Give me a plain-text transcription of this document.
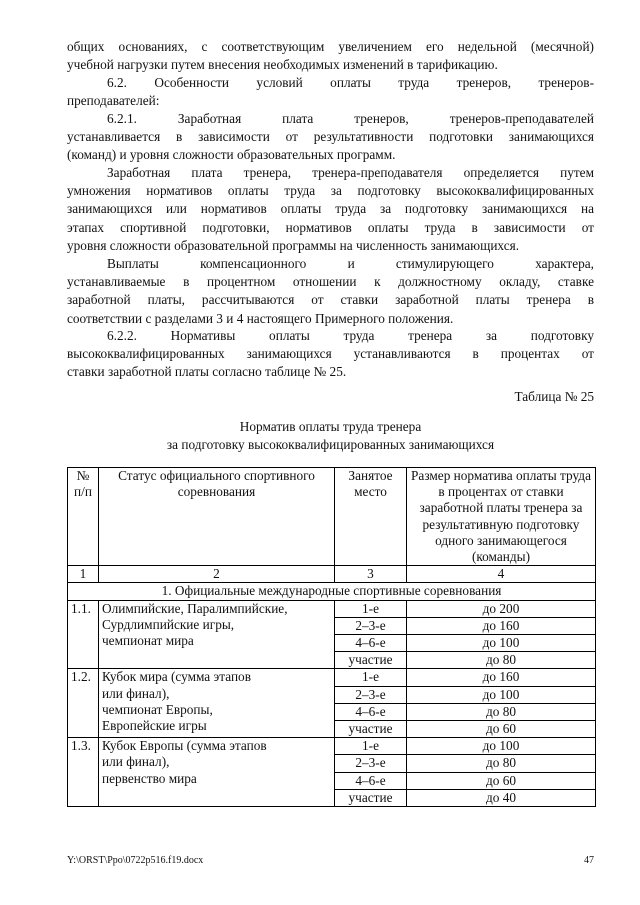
общих основаниях, с соответствующим увеличением его недельной (месячной)
учебной нагрузки путем внесения необходимых изменений в тарификацию.
6.2. Особенности условий оплаты труда тренеров, тренеров-
преподавателей:
6.2.1. Заработная плата тренеров, тренеров-преподавателей
устанавливается в зависимости от результативности подготовки занимающихся
(команд) и уровня сложности образовательных программ.
Заработная плата тренера, тренера-преподавателя определяется путем
умножения нормативов оплаты труда за подготовку высококвалифицированных
занимающихся или нормативов оплаты труда за подготовку занимающихся на
этапах спортивной подготовки, нормативов оплаты труда в зависимости от
уровня сложности образовательной программы на численность занимающихся.
Выплаты компенсационного и стимулирующего характера,
устанавливаемые в процентном отношении к должностному окладу, ставке
заработной платы, рассчитываются от ставки заработной платы тренера в
соответствии с разделами 3 и 4 настоящего Примерного положения.
6.2.2. Нормативы оплаты труда тренера за подготовку
высококвалифицированных занимающихся устанавливаются в процентах от
ставки заработной платы согласно таблице № 25.
Таблица № 25
Норматив оплаты труда тренера
за подготовку высококвалифицированных занимающихся
№ п/п	Статус официального спортивного соревнования	Занятое место	Размер норматива оплаты труда в процентах от ставки заработной платы тренера за результативную подготовку одного занимающегося (команды)
1	2	3	4
1. Официальные международные спортивные соревнования			
1.1.	Олимпийские, Паралимпийские,
Сурдлимпийские игры,
чемпионат мира	1-е	до 200
		2–3-е	до 160
		4–6-е	до 100
		участие	до 80
1.2.	Кубок мира (сумма этапов
или финал),
чемпионат Европы,
Европейские игры	1-е	до 160
		2–3-е	до 100
		4–6-е	до 80
		участие	до 60
1.3.	Кубок Европы (сумма этапов
или финал),
первенство мира	1-е	до 100
		2–3-е	до 80
		4–6-е	до 60
		участие	до 40
Y:\ORST\Ppo\0722p516.f19.docx	47
